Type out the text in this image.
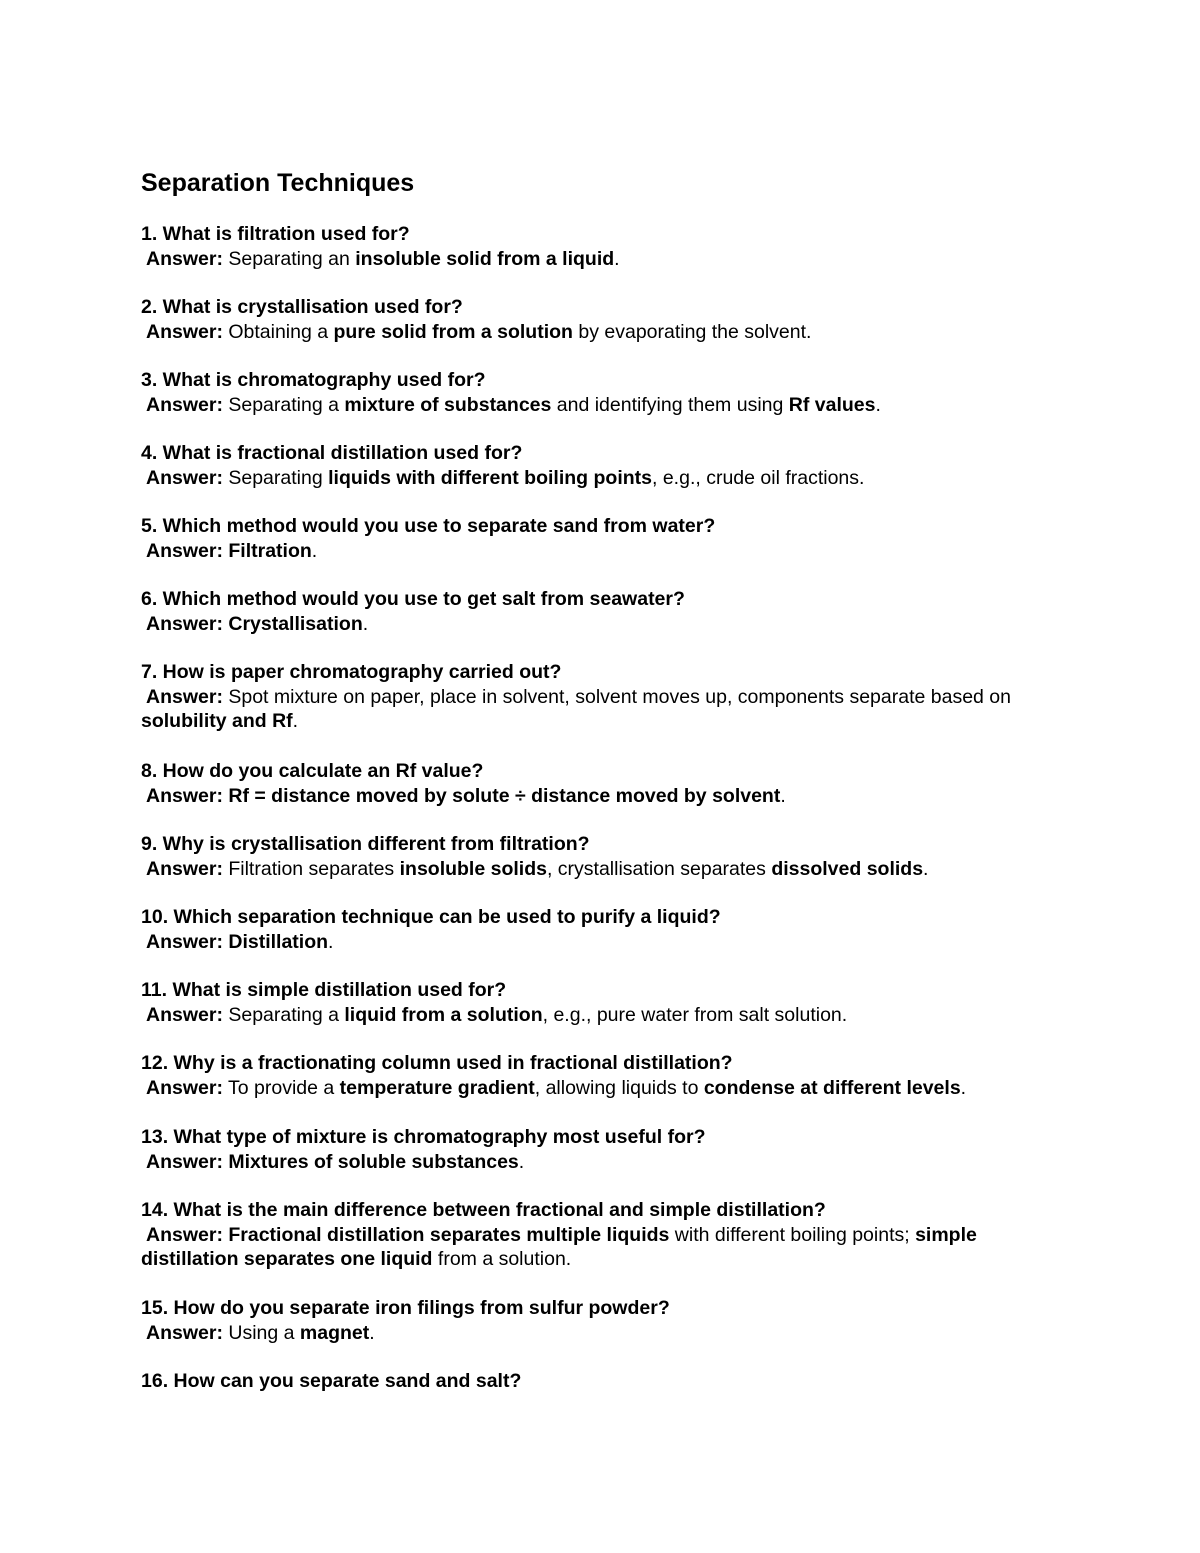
Separation Techniques
1. What is filtration used for?
Answer: Separating an insoluble solid from a liquid.
2. What is crystallisation used for?
Answer: Obtaining a pure solid from a solution by evaporating the solvent.
3. What is chromatography used for?
Answer: Separating a mixture of substances and identifying them using Rf values.
4. What is fractional distillation used for?
Answer: Separating liquids with different boiling points, e.g., crude oil fractions.
5. Which method would you use to separate sand from water?
Answer: Filtration.
6. Which method would you use to get salt from seawater?
Answer: Crystallisation.
7. How is paper chromatography carried out?
Answer: Spot mixture on paper, place in solvent, solvent moves up, components separate based on solubility and Rf.
8. How do you calculate an Rf value?
Answer: Rf = distance moved by solute ÷ distance moved by solvent.
9. Why is crystallisation different from filtration?
Answer: Filtration separates insoluble solids, crystallisation separates dissolved solids.
10. Which separation technique can be used to purify a liquid?
Answer: Distillation.
11. What is simple distillation used for?
Answer: Separating a liquid from a solution, e.g., pure water from salt solution.
12. Why is a fractionating column used in fractional distillation?
Answer: To provide a temperature gradient, allowing liquids to condense at different levels.
13. What type of mixture is chromatography most useful for?
Answer: Mixtures of soluble substances.
14. What is the main difference between fractional and simple distillation?
Answer: Fractional distillation separates multiple liquids with different boiling points; simple distillation separates one liquid from a solution.
15. How do you separate iron filings from sulfur powder?
Answer: Using a magnet.
16. How can you separate sand and salt?
